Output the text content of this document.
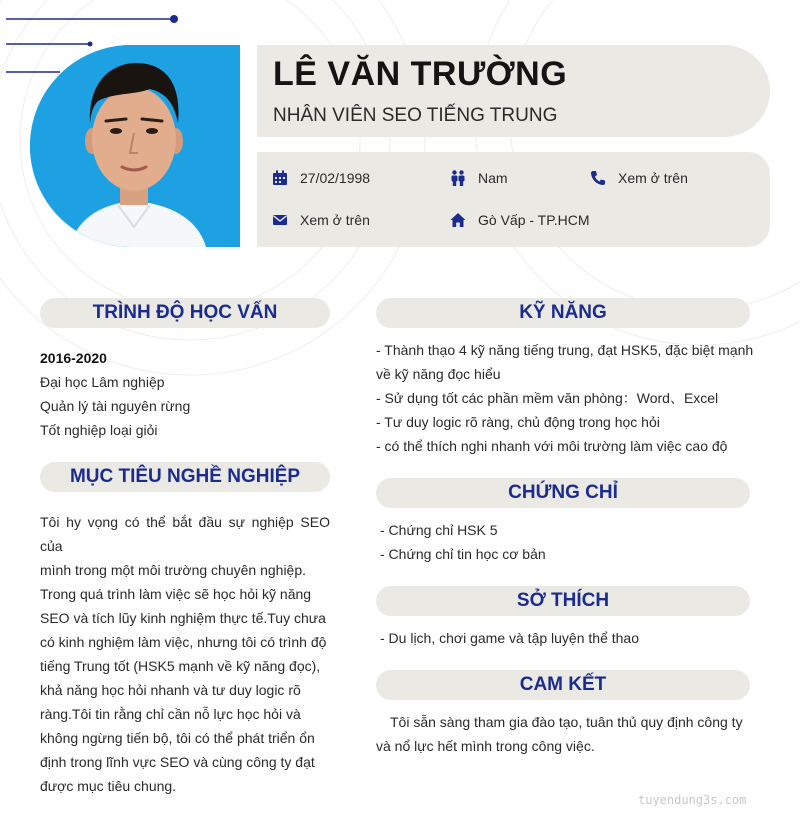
LÊ VĂN TRƯỜNG
NHÂN VIÊN SEO TIẾNG TRUNG
27/02/1998	Nam	Xem ở trên
Xem ở trên	Gò Vấp - TP.HCM
TRÌNH ĐỘ HỌC VẤN
2016-2020
Đại học Lâm nghiệp
Quản lý tài nguyên rừng
Tốt nghiệp loại giỏi
MỤC TIÊU NGHỀ NGHIỆP
Tôi hy vọng có thể bắt đầu sự nghiệp SEO của
mình trong một môi trường chuyên nghiệp.
Trong quá trình làm việc sẽ học hỏi kỹ năng
SEO và tích lũy kinh nghiệm thực tế.Tuy chưa
có kinh nghiệm làm việc, nhưng tôi có trình độ
tiếng Trung tốt (HSK5 mạnh về kỹ năng đọc),
khả năng học hỏi nhanh và tư duy logic rõ
ràng.Tôi tin rằng chỉ cần nỗ lực học hỏi và
không ngừng tiến bộ, tôi có thể phát triển ổn
định trong lĩnh vực SEO và cùng công ty đạt
được mục tiêu chung.
KỸ NĂNG
- Thành thạo 4 kỹ năng tiếng trung, đạt HSK5, đặc biệt mạnh
về kỹ năng đọc hiểu
- Sử dụng tốt các phần mềm văn phòng：Word、Excel
- Tư duy logic rõ ràng, chủ động trong học hỏi
- có thể thích nghi nhanh với môi trường làm việc cao độ
CHỨNG CHỈ
- Chứng chỉ HSK 5
- Chứng chỉ tin học cơ bản
SỞ THÍCH
- Du lịch, chơi game và tập luyện thể thao
CAM KẾT
Tôi sẵn sàng tham gia đào tạo, tuân thủ quy định công ty
và nổ lực hết mình trong công việc.
tuyendung3s.com
